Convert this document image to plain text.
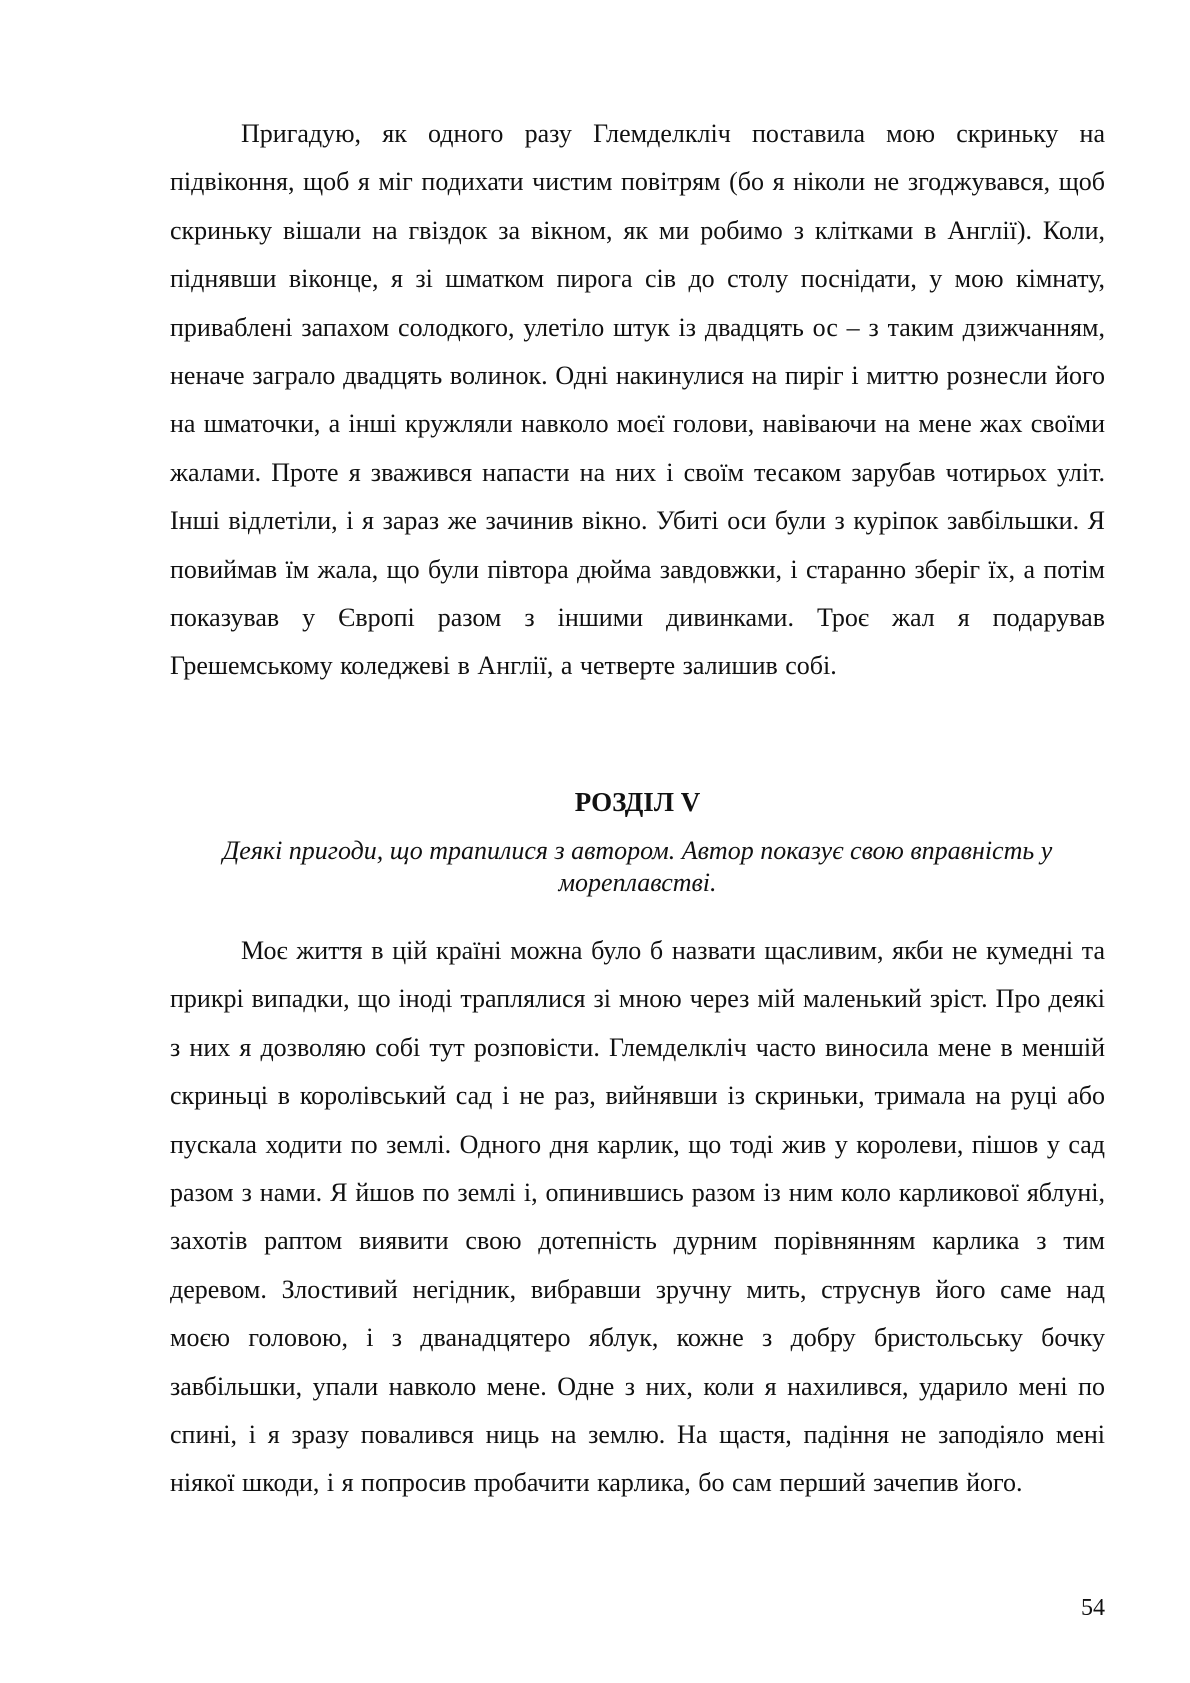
Пригадую, як одного разу Глемделкліч поставила мою скриньку на підвіконня, щоб я міг подихати чистим повітрям (бо я ніколи не згоджувався, щоб скриньку вішали на гвіздок за вікном, як ми робимо з клітками в Англії). Коли, піднявши віконце, я зі шматком пирога сів до столу поснідати, у мою кімнату, приваблені запахом солодкого, улетіло штук із двадцять ос – з таким дзижчанням, неначе заграло двадцять волинок. Одні накинулися на пиріг і миттю рознесли його на шматочки, а інші кружляли навколо моєї голови, навіваючи на мене жах своїми жалами. Проте я зважився напасти на них і своїм тесаком зарубав чотирьох уліт. Інші відлетіли, і я зараз же зачинив вікно. Убиті оси були з куріпок завбільшки. Я повиймав їм жала, що були півтора дюйма завдовжки, і старанно зберіг їх, а потім показував у Європі разом з іншими дивинками. Троє жал я подарував Грешемському коледжеві в Англії, а четверте залишив собі.

РОЗДІЛ V

Деякі пригоди, що трапилися з автором. Автор показує свою вправність у мореплавстві.

Моє життя в цій країні можна було б назвати щасливим, якби не кумедні та прикрі випадки, що іноді траплялися зі мною через мій маленький зріст. Про деякі з них я дозволяю собі тут розповісти. Глемделкліч часто виносила мене в меншій скриньці в королівський сад і не раз, вийнявши із скриньки, тримала на руці або пускала ходити по землі. Одного дня карлик, що тоді жив у королеви, пішов у сад разом з нами. Я йшов по землі і, опинившись разом із ним коло карликової яблуні, захотів раптом виявити свою дотепність дурним порівнянням карлика з тим деревом. Злостивий негідник, вибравши зручну мить, струснув його саме над моєю головою, і з дванадцятеро яблук, кожне з добру бристольську бочку завбільшки, упали навколо мене. Одне з них, коли я нахилився, ударило мені по спині, і я зразу повалився ниць на землю. На щастя, падіння не заподіяло мені ніякої шкоди, і я попросив пробачити карлика, бо сам перший зачепив його.

54
